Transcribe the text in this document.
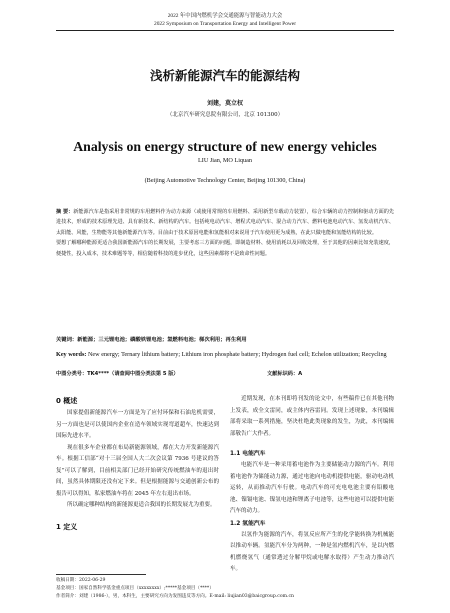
2022 年中国内燃机学会交通能源与智能动力大会
2022 Symposium on Transportation Energy and Intelligent Power
浅析新能源汽车的能源结构
刘建，莫立权
（北京汽车研究总院有限公司，北京 101300）
Analysis on energy structure of new energy vehicles
LIU Jian, MO Liquan
(Beijing Automotive Technology Center, Beijing 101300, China)
摘 要：新能源汽车是指采用非常规的车用燃料作为动力来源（或使用常规的车用燃料、采用新型车载动力装置），综合车辆的动力控制和驱动方面的先进技术，形成的技术原理先进、具有新技术、新结构的汽车。包括纯电动汽车、增程式电动汽车、混合动力汽车、燃料电池电动汽车、氢发动机汽车、太阳能、风能，生物能等其他新能源汽车等。目前由于技术原因电能和氢能相对来说用于汽车使用更为成熟，在此只做电能和氢能结构的比较。
要想了解哪种能源更适合我国新能源汽车的长期发展，主要考虑三方面的问题，即制造材料、使用消耗以及回收处理，至于其他的因素比如充装速度，便捷性，投入成本，技术难题等等，相信随着科技的进步优化，这些因素都将不是致命性问题。
关键词：新能源；三元锂电池；磷酸铁锂电池；氢燃料电池；梯次利用；再生利用
Key words: New energy; Ternary lithium battery; Lithium iron phosphate battery; Hydrogen fuel cell; Echelon utilization; Recycling
中图分类号：TK4****（请查阅中图分类法第 5 版）	文献标识码：A
0 概述

国家提倡新能源汽车一方面是为了应付环保和石油危机需要，另一方面也是可以使国内企业在造车领域实现弯道超车，快速达到国际先进水平。

现在很多车企业都在布局新能源领域，都在大力开发新能源汽车。根据工信部“对十三届全国人大二次会议第 7936 号建议的答复”可以了解到，目前相关部门已经开始研究传统燃油车的退出时间，虽然具体期限还没有定下来。但是根据能源与交通创新公布的报告可以得知，私家燃油车将在 2045 年左右退出市场。

所以确定哪种结构的新能源更适合我国的长期发展尤为重要。

1 定义

近期发现，在本刊即将刊发的论文中，有些稿件已在其他刊物上发表，成全文雷同，或主体内容雷同。发现上述现象，本刊编辑部将采取一系列措施，坚决杜绝此类现象的发生，为此，本刊编辑部敬告广大作者。

1.1 电能汽车

电能汽车是一种采用蓄电池作为主要储能动力源的汽车。利用蓄电池作为储能动力源，通过电池向电动机提供电能，驱动电动机运转，从而推动汽车行驶。电动汽车的可充电电池主要有铅酸电池、镍镉电池、镍氢电池和锂离子电池等，这些电池可以提供电能汽车的动力。

1.2 氢能汽车

以氢作为能源的汽车，将氢反应所产生的化学能转换为机械能以推动车辆。氢能汽车分为两种，一种是氢内燃机汽车，是以内燃机燃烧氢气（通常透过分解甲烷或电解水取得）产生动力推动汽车。

收稿日期：2022-06-29
基金项目：国家自然科学基金重点项目（xxxxxxxx）;*****基金项目（****）
作者简介：刘建（1986-），男，本科生，主要研究方向为发图违反等方向。E-mail: liujian03@baicgroup.com.cn
